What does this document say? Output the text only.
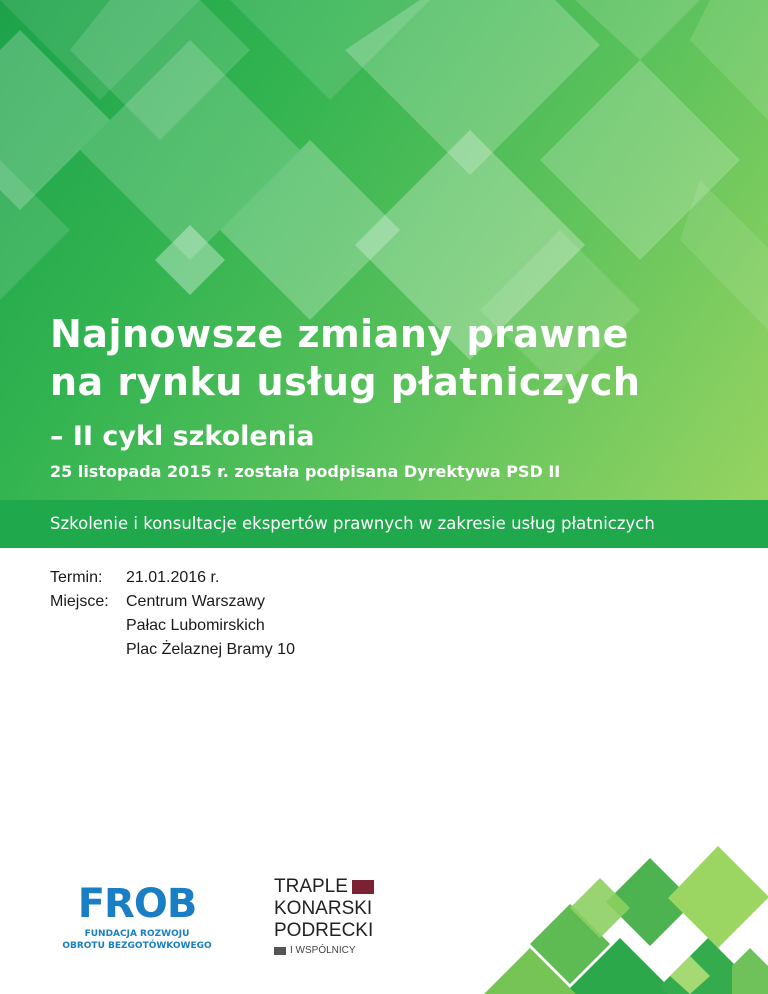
Najnowsze zmiany prawne
na rynku usług płatniczych
– II cykl szkolenia
25 listopada 2015 r. została podpisana Dyrektywa PSD II
Szkolenie i konsultacje ekspertów prawnych w zakresie usług płatniczych
Termin:	21.01.2016 r.
Miejsce:	Centrum Warszawy
Pałac Lubomirskich
Plac Żelaznej Bramy 10
FROB
FUNDACJA ROZWOJU
OBROTU BEZGOTÓWKOWEGO
TRAPLE
KONARSKI
PODRECKI
I WSPÓLNICY
